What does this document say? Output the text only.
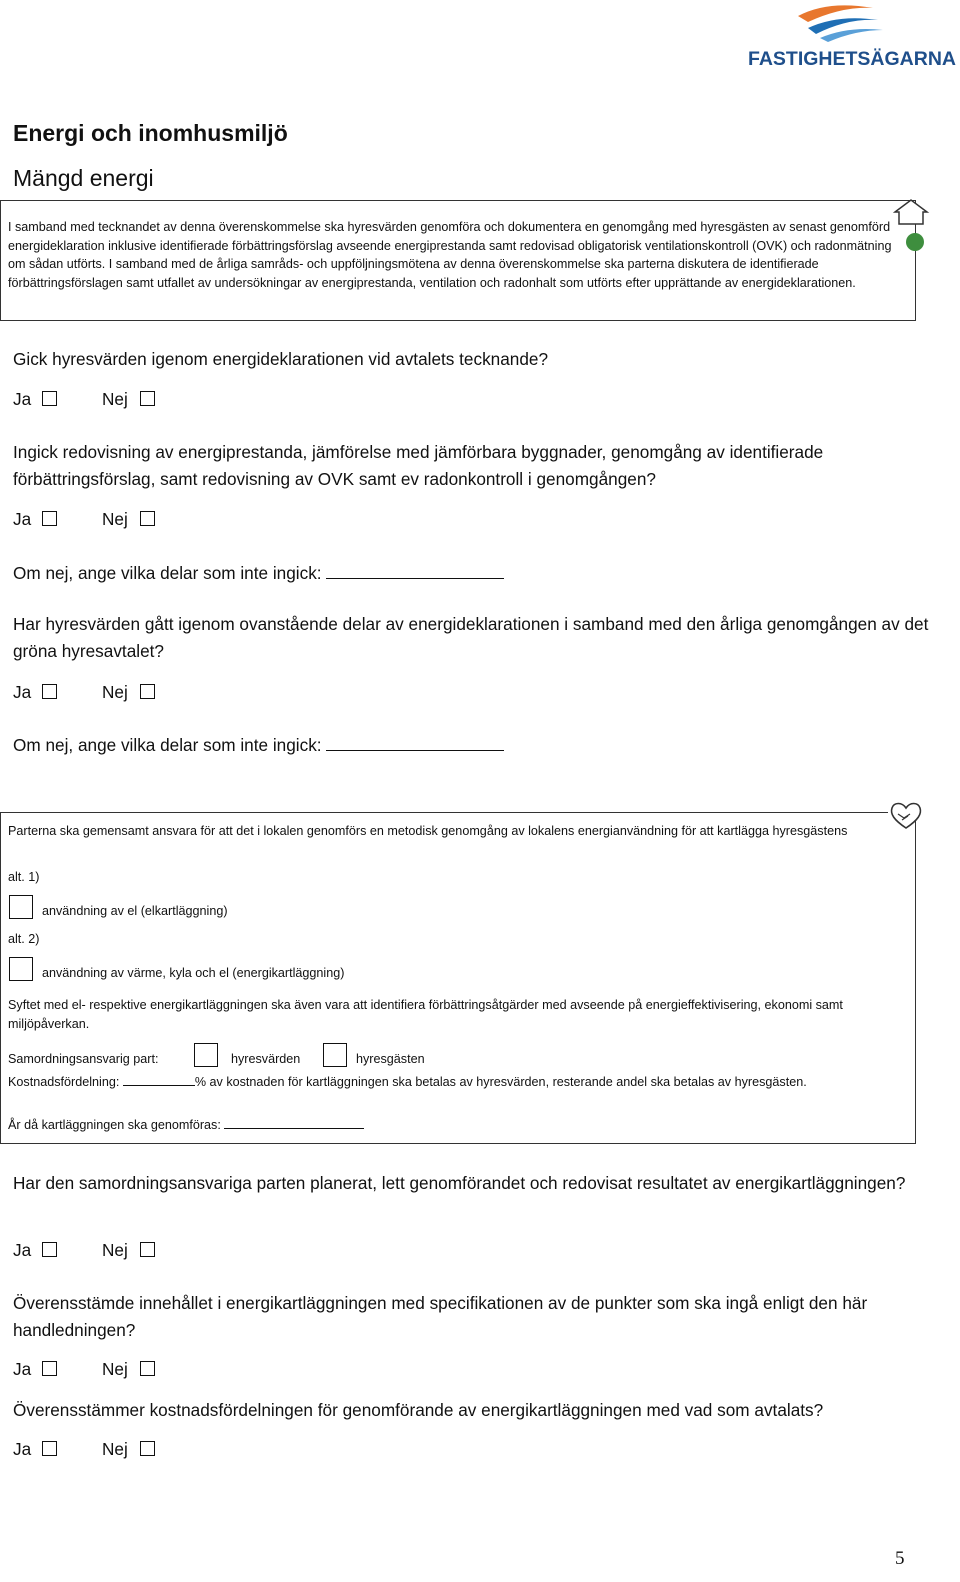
FASTIGHETSÄGARNA
Energi och inomhusmiljö
Mängd energi
I samband med tecknandet av denna överenskommelse ska hyresvärden genomföra och dokumentera en genomgång med hyresgästen av senast genomförd energideklaration inklusive identifierade förbättringsförslag avseende energiprestanda samt redovisad obligatorisk ventilationskontroll (OVK) och radonmätning om sådan utförts. I samband med de årliga samråds- och uppföljningsmötena av denna överenskommelse ska parterna diskutera de identifierade förbättringsförslagen samt utfallet av undersökningar av energiprestanda, ventilation och radonhalt som utförts efter upprättande av energideklarationen.
Gick hyresvärden igenom energideklarationen vid avtalets tecknande?
Ja	Nej
Ingick redovisning av energiprestanda, jämförelse med jämförbara byggnader, genomgång av identifierade förbättringsförslag, samt redovisning av OVK samt ev radonkontroll i genomgången?
Ja	Nej
Om nej, ange vilka delar som inte ingick:
Har hyresvärden gått igenom ovanstående delar av energideklarationen i samband med den årliga genomgången av det gröna hyresavtalet?
Ja	Nej
Om nej, ange vilka delar som inte ingick:
Parterna ska gemensamt ansvara för att det i lokalen genomförs en metodisk genomgång av lokalens energianvändning för att kartlägga hyresgästens
alt. 1)
användning av el (elkartläggning)
alt. 2)
användning av värme, kyla och el (energikartläggning)
Syftet med el- respektive energikartläggningen ska även vara att identifiera förbättringsåtgärder med avseende på energieffektivisering, ekonomi samt miljöpåverkan.
Samordningsansvarig part:	hyresvärden	hyresgästen
Kostnadsfördelning:	% av kostnaden för kartläggningen ska betalas av hyresvärden, resterande andel ska betalas av hyresgästen.
År då kartläggningen ska genomföras:
Har den samordningsansvariga parten planerat, lett genomförandet och redovisat resultatet av energikartläggningen?
Ja	Nej
Överensstämde innehållet i energikartläggningen med specifikationen av de punkter som ska ingå enligt den här handledningen?
Ja	Nej
Överensstämmer kostnadsfördelningen för genomförande av energikartläggningen med vad som avtalats?
Ja	Nej
5
